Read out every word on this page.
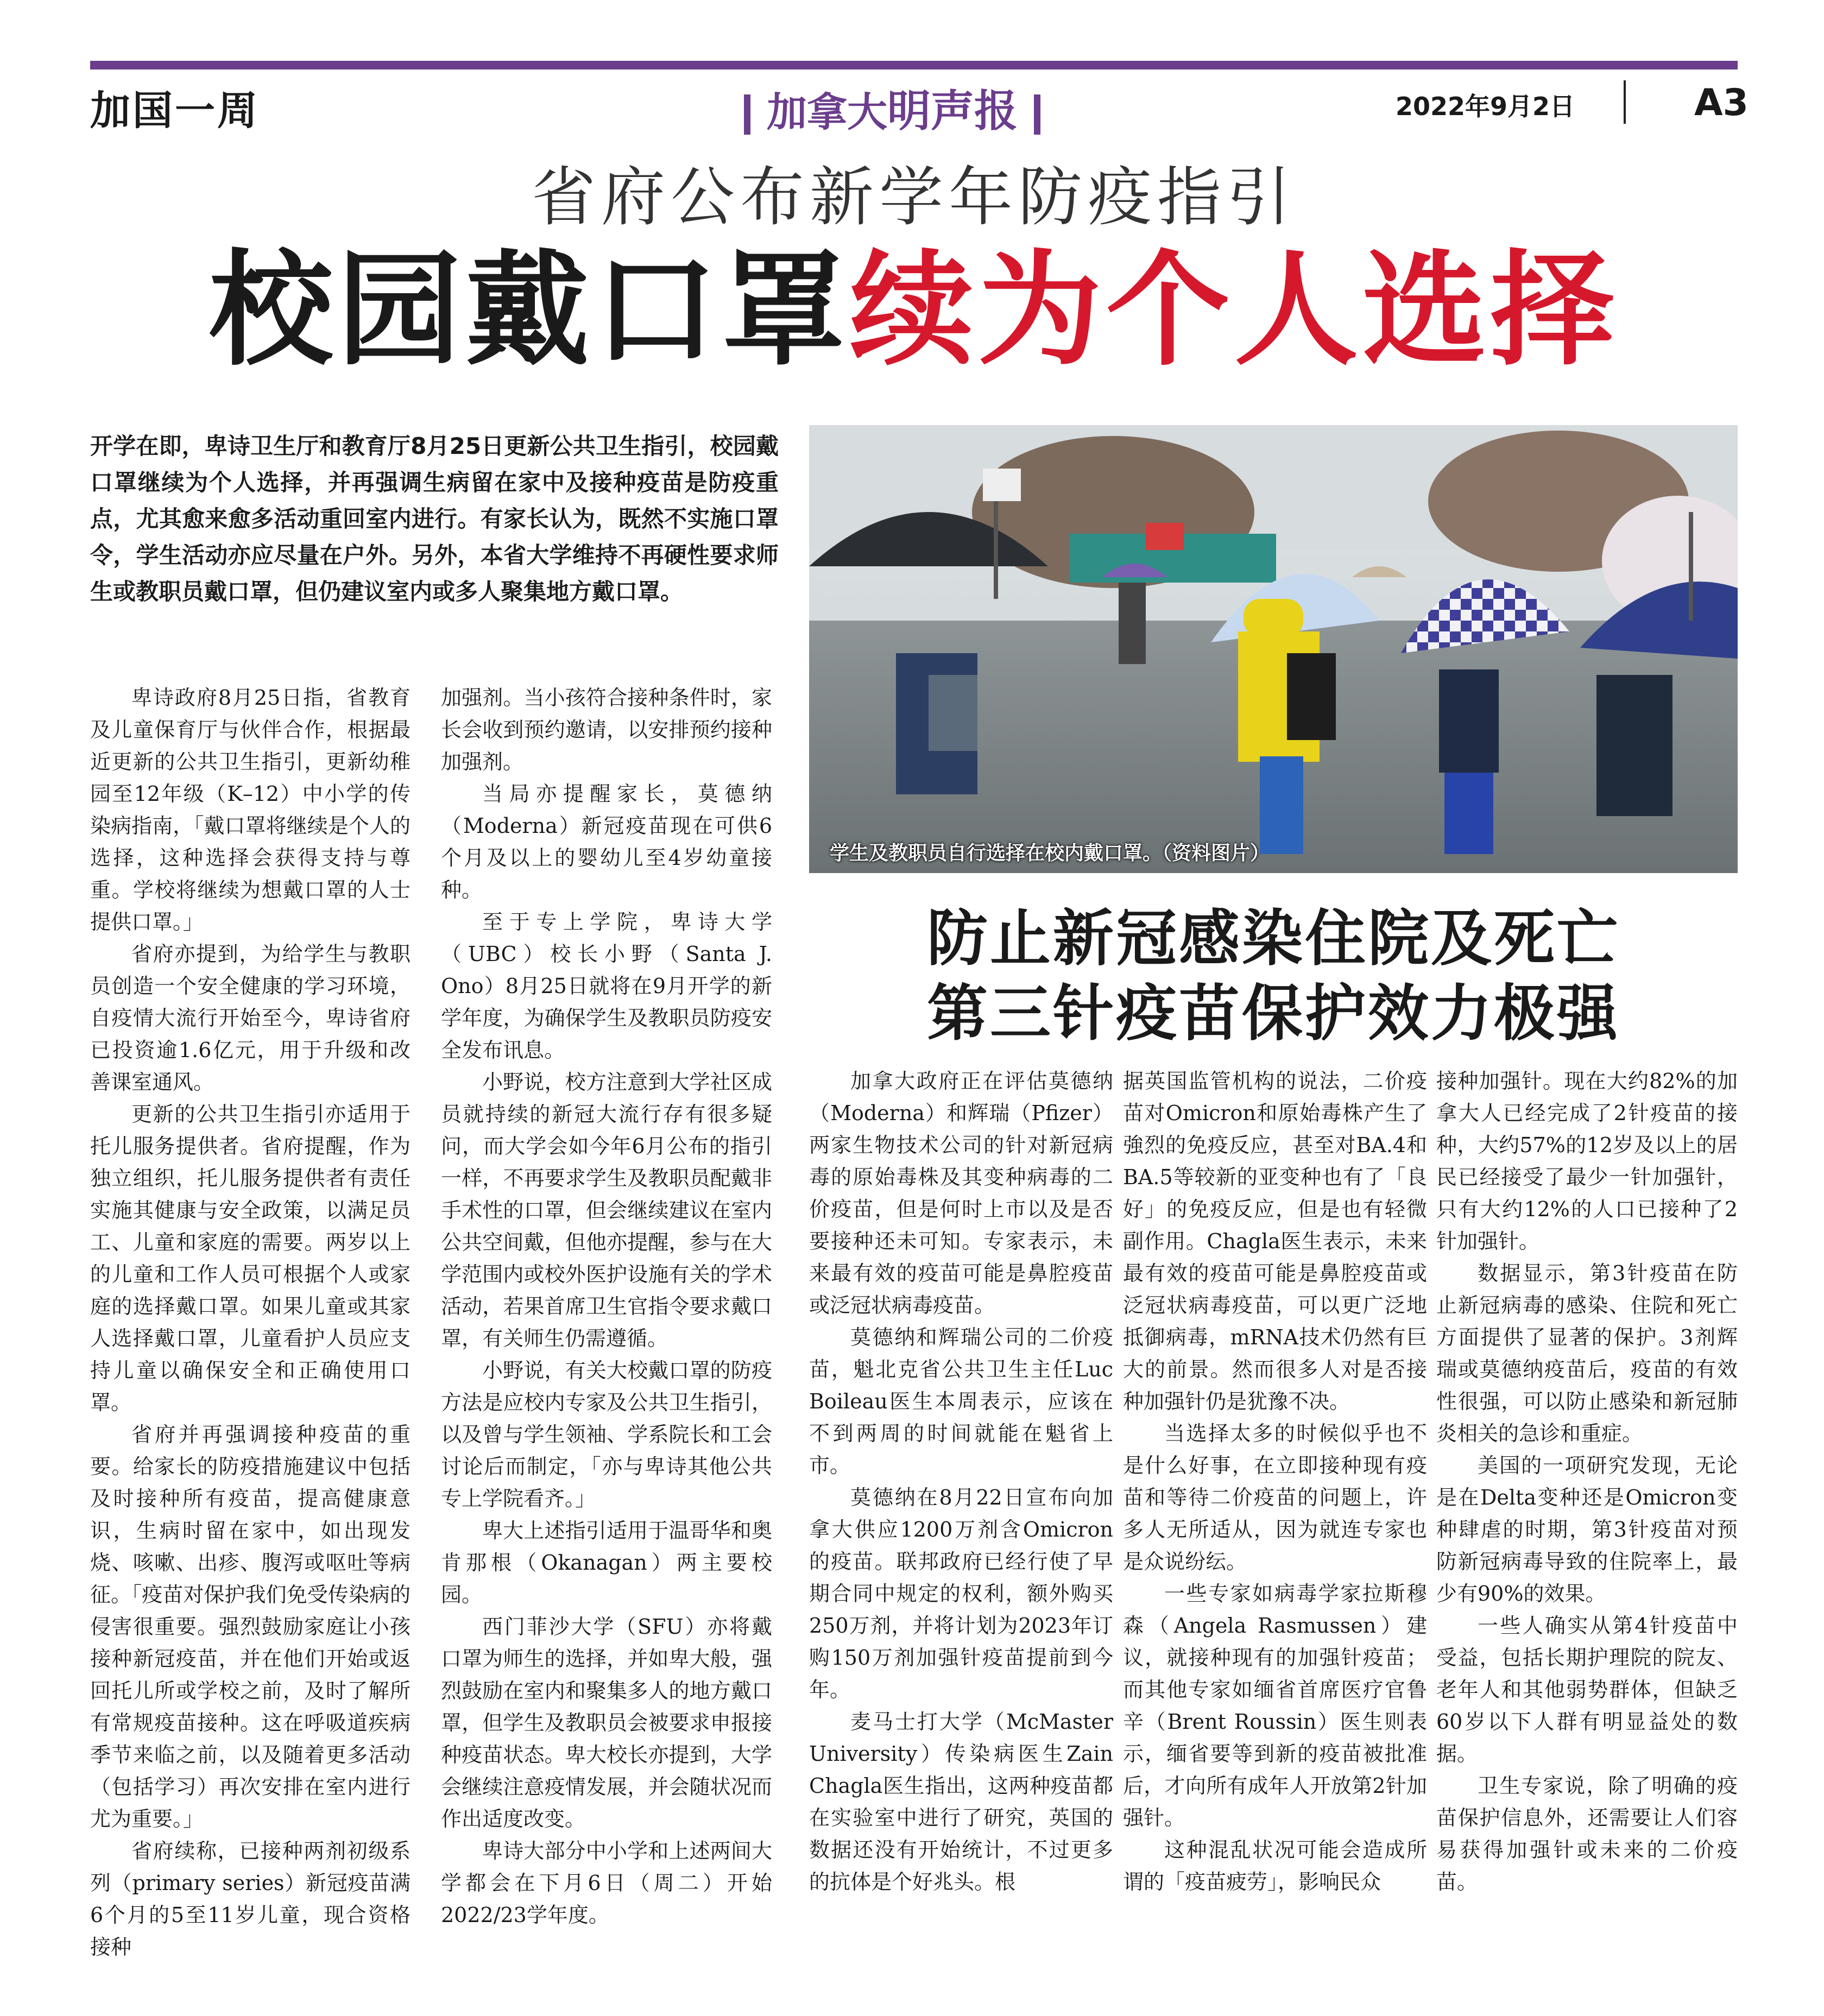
加国一周	加拿大明声报	2022年9月2日	A3
省府公布新学年防疫指引
校园戴口罩续为个人选择
开学在即，卑诗卫生厅和教育厅8月25日更新公共卫生指引，校园戴口罩继续为个人选择，并再强调生病留在家中及接种疫苗是防疫重点，尤其愈来愈多活动重回室内进行。有家长认为，既然不实施口罩令，学生活动亦应尽量在户外。另外，本省大学维持不再硬性要求师生或教职员戴口罩，但仍建议室内或多人聚集地方戴口罩。

卑诗政府8月25日指，省教育及儿童保育厅与伙伴合作，根据最近更新的公共卫生指引，更新幼稚园至12年级（K–12）中小学的传染病指南，「戴口罩将继续是个人的选择，这种选择会获得支持与尊重。学校将继续为想戴口罩的人士提供口罩。」

省府亦提到，为给学生与教职员创造一个安全健康的学习环境，自疫情大流行开始至今，卑诗省府已投资逾1.6亿元，用于升级和改善课室通风。

更新的公共卫生指引亦适用于托儿服务提供者。省府提醒，作为独立组织，托儿服务提供者有责任实施其健康与安全政策，以满足员工、儿童和家庭的需要。两岁以上的儿童和工作人员可根据个人或家庭的选择戴口罩。如果儿童或其家人选择戴口罩，儿童看护人员应支持儿童以确保安全和正确使用口罩。

省府并再强调接种疫苗的重要。给家长的防疫措施建议中包括及时接种所有疫苗，提高健康意识，生病时留在家中，如出现发烧、咳嗽、出疹、腹泻或呕吐等病征。「疫苗对保护我们免受传染病的侵害很重要。强烈鼓励家庭让小孩接种新冠疫苗，并在他们开始或返回托儿所或学校之前，及时了解所有常规疫苗接种。这在呼吸道疾病季节来临之前，以及随着更多活动（包括学习）再次安排在室内进行尤为重要。」

省府续称，已接种两剂初级系列（primary series）新冠疫苗满6个月的5至11岁儿童，现合资格接种

加强剂。当小孩符合接种条件时，家长会收到预约邀请，以安排预约接种加强剂。

当局亦提醒家长，莫德纳（Moderna）新冠疫苗现在可供6个月及以上的婴幼儿至4岁幼童接种。

至于专上学院，卑诗大学（UBC）校长小野（Santa J. Ono）8月25日就将在9月开学的新学年度，为确保学生及教职员防疫安全发布讯息。

小野说，校方注意到大学社区成员就持续的新冠大流行存有很多疑问，而大学会如今年6月公布的指引一样，不再要求学生及教职员配戴非手术性的口罩，但会继续建议在室内公共空间戴，但他亦提醒，参与在大学范围内或校外医护设施有关的学术活动，若果首席卫生官指令要求戴口罩，有关师生仍需遵循。

小野说，有关大校戴口罩的防疫方法是应校内专家及公共卫生指引，以及曾与学生领袖、学系院长和工会讨论后而制定，「亦与卑诗其他公共专上学院看齐。」

卑大上述指引适用于温哥华和奥肯那根（Okanagan）两主要校园。

西门菲沙大学（SFU）亦将戴口罩为师生的选择，并如卑大般，强烈鼓励在室内和聚集多人的地方戴口罩，但学生及教职员会被要求申报接种疫苗状态。卑大校长亦提到，大学会继续注意疫情发展，并会随状况而作出适度改变。

卑诗大部分中小学和上述两间大学都会在下月6日（周二）开始2022/23学年度。

学生及教职员自行选择在校内戴口罩。（资料图片）
防止新冠感染住院及死亡
第三针疫苗保护效力极强

加拿大政府正在评估莫德纳（Moderna）和辉瑞（Pfizer）两家生物技术公司的针对新冠病毒的原始毒株及其变种病毒的二价疫苗，但是何时上市以及是否要接种还未可知。专家表示，未来最有效的疫苗可能是鼻腔疫苗或泛冠状病毒疫苗。

莫德纳和辉瑞公司的二价疫苗，魁北克省公共卫生主任Luc Boileau医生本周表示，应该在不到两周的时间就能在魁省上市。

莫德纳在8月22日宣布向加拿大供应1200万剂含Omicron的疫苗。联邦政府已经行使了早期合同中规定的权利，额外购买250万剂，并将计划为2023年订购150万剂加强针疫苗提前到今年。

麦马士打大学（McMaster University）传染病医生Zain Chagla医生指出，这两种疫苗都在实验室中进行了研究，英国的数据还没有开始统计，不过更多的抗体是个好兆头。根

据英国监管机构的说法，二价疫苗对Omicron和原始毒株产生了強烈的免疫反应，甚至对BA.4和BA.5等较新的亚变种也有了「良好」的免疫反应，但是也有轻微副作用。Chagla医生表示，未来最有效的疫苗可能是鼻腔疫苗或泛冠状病毒疫苗，可以更广泛地抵御病毒，mRNA技术仍然有巨大的前景。然而很多人对是否接种加强针仍是犹豫不决。

当选择太多的时候似乎也不是什么好事，在立即接种现有疫苗和等待二价疫苗的问题上，许多人无所适从，因为就连专家也是众说纷纭。

一些专家如病毒学家拉斯穆森（Angela Rasmussen）建议，就接种现有的加强针疫苗；而其他专家如缅省首席医疗官鲁辛（Brent Roussin）医生则表示，缅省要等到新的疫苗被批准后，才向所有成年人开放第2针加强针。

这种混乱状况可能会造成所谓的「疫苗疲劳」，影响民众

接种加强针。现在大约82%的加拿大人已经完成了2针疫苗的接种，大约57%的12岁及以上的居民已经接受了最少一针加强针，只有大约12%的人口已接种了2针加强针。

数据显示，第3针疫苗在防止新冠病毒的感染、住院和死亡方面提供了显著的保护。3剂辉瑞或莫德纳疫苗后，疫苗的有效性很强，可以防止感染和新冠肺炎相关的急诊和重症。

美国的一项研究发现，无论是在Delta变种还是Omicron变种肆虐的时期，第3针疫苗对预防新冠病毒导致的住院率上，最少有90%的效果。

一些人确实从第4针疫苗中受益，包括长期护理院的院友、老年人和其他弱势群体，但缺乏60岁以下人群有明显益处的数据。

卫生专家说，除了明确的疫苗保护信息外，还需要让人们容易获得加强针或未来的二价疫苗。
